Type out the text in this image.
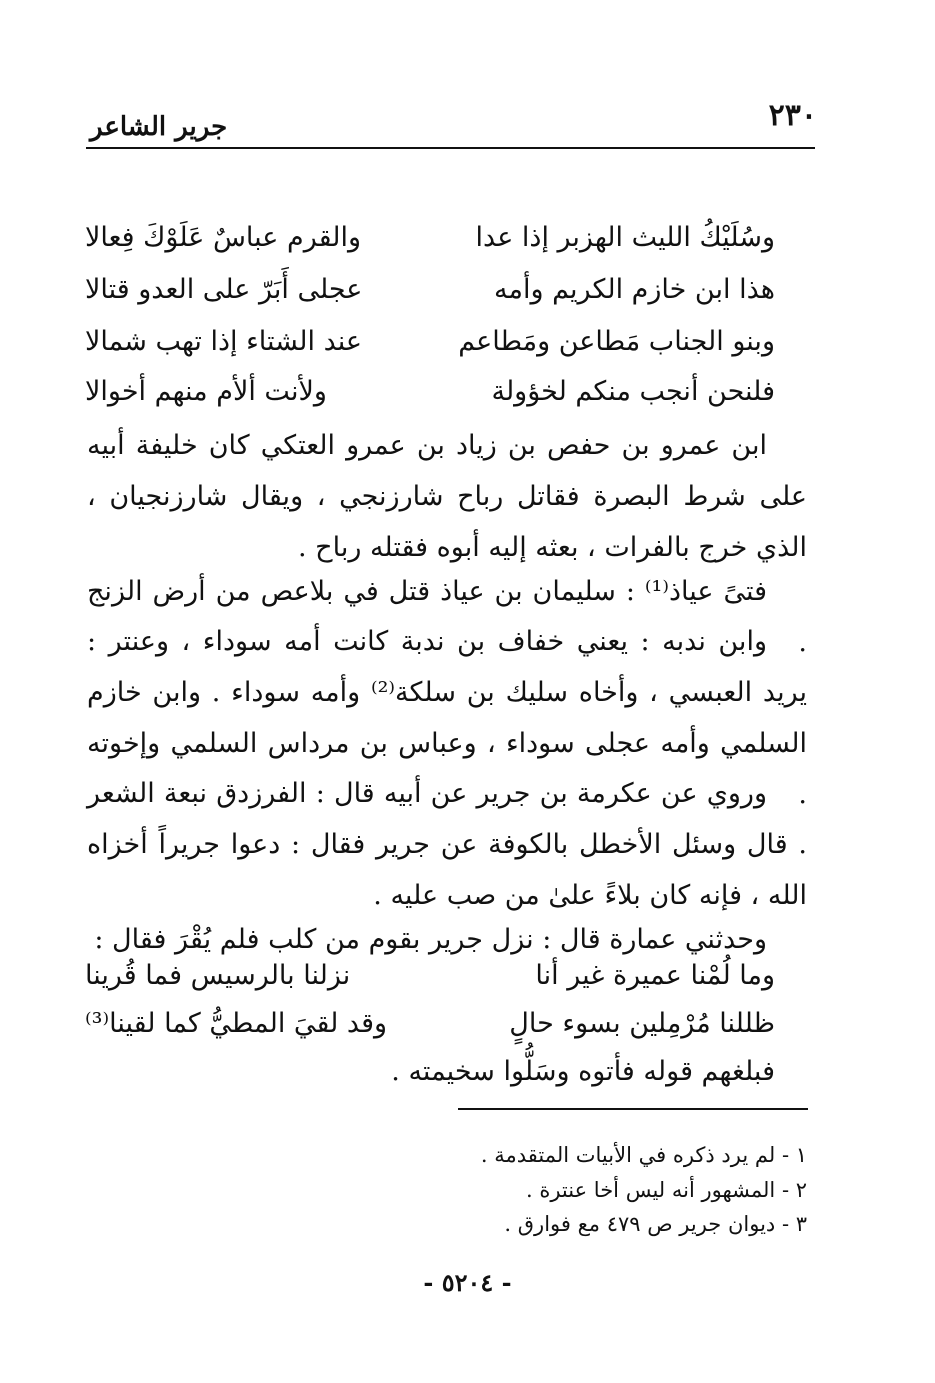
٢٣٠
جرير الشاعر
وسُلَيْكُ الليث الهزبر إذا عدا
والقرم عباسٌ عَلَوْكَ فِعالا
هذا ابن خازم الكريم وأمه
عجلى أَبَرّ على العدو قتالا
وبنو الجناب مَطاعن ومَطاعم
عند الشتاء إذا تهب شمالا
فلنحن أنجب منكم لخؤولة
ولأنت ألأم منهم أخوالا
ابن عمرو بن حفص بن زياد بن عمرو العتكي كان خليفة أبيه على شرط البصرة فقاتل رباح شارزنجي ، ويقال شارزنجيان ، الذي خرج بالفرات ، بعثه إليه أبوه فقتله رباح .
فتىً عياذ⁽¹⁾ : سليمان بن عياذ قتل في بلاعص من أرض الزنج .
وابن ندبه : يعني خفاف بن ندبة كانت أمه سوداء ، وعنتر : يريد العبسي ، وأخاه سليك بن سلكة⁽²⁾ وأمه سوداء . وابن خازم السلمي وأمه عجلى سوداء ، وعباس بن مرداس السلمي وإخوته .
وروي عن عكرمة بن جرير عن أبيه قال : الفرزدق نبعة الشعر . قال وسئل الأخطل بالكوفة عن جرير فقال : دعوا جريراً أخزاه الله ، فإنه كان بلاءً علىٰ من صب عليه .
وحدثني عمارة قال : نزل جرير بقوم من كلب فلم يُقْرَ فقال :
وما لُمْنا عميرة غير أنا
نزلنا بالرسيس فما قُرينا
ظللنا مُرْمِلين بسوء حالٍ
وقد لقيَ المطيُّ كما لقينا⁽³⁾
فبلغهم قوله فأتوه وسَلُّوا سخيمته .
١ - لم يرد ذكره في الأبيات المتقدمة .
٢ - المشهور أنه ليس أخا عنترة .
٣ - ديوان جرير ص ٤٧٩ مع فوارق .
- ٥٢٠٤ -
